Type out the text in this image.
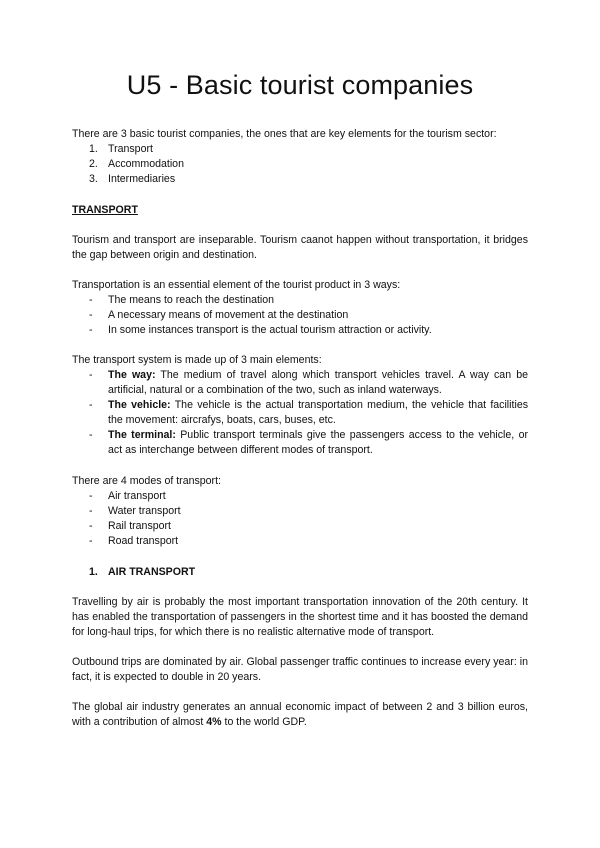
U5 - Basic tourist companies

There are 3 basic tourist companies, the ones that are key elements for the tourism sector:

1. Transport
2. Accommodation
3. Intermediaries

TRANSPORT

Tourism and transport are inseparable. Tourism caanot happen without transportation, it bridges the gap between origin and destination.

Transportation is an essential element of the tourist product in 3 ways:

- The means to reach the destination
- A necessary means of movement at the destination
- In some instances transport is the actual tourism attraction or activity.

The transport system is made up of 3 main elements:

- The way: The medium of travel along which transport vehicles travel. A way can be artificial, natural or a combination of the two, such as inland waterways.
- The vehicle: The vehicle is the actual transportation medium, the vehicle that facilities the movement: aircrafys, boats, cars, buses, etc.
- The terminal: Public transport terminals give the passengers access to the vehicle, or act as interchange between different modes of transport.

There are 4 modes of transport:

- Air transport
- Water transport
- Rail transport
- Road transport

1. AIR TRANSPORT

Travelling by air is probably the most important transportation innovation of the 20th century. It has enabled the transportation of passengers in the shortest time and it has boosted the demand for long-haul trips, for which there is no realistic alternative mode of transport.

Outbound trips are dominated by air. Global passenger traffic continues to increase every year: in fact, it is expected to double in 20 years.

The global air industry generates an annual economic impact of between 2 and 3 billion euros, with a contribution of almost 4% to the world GDP.
